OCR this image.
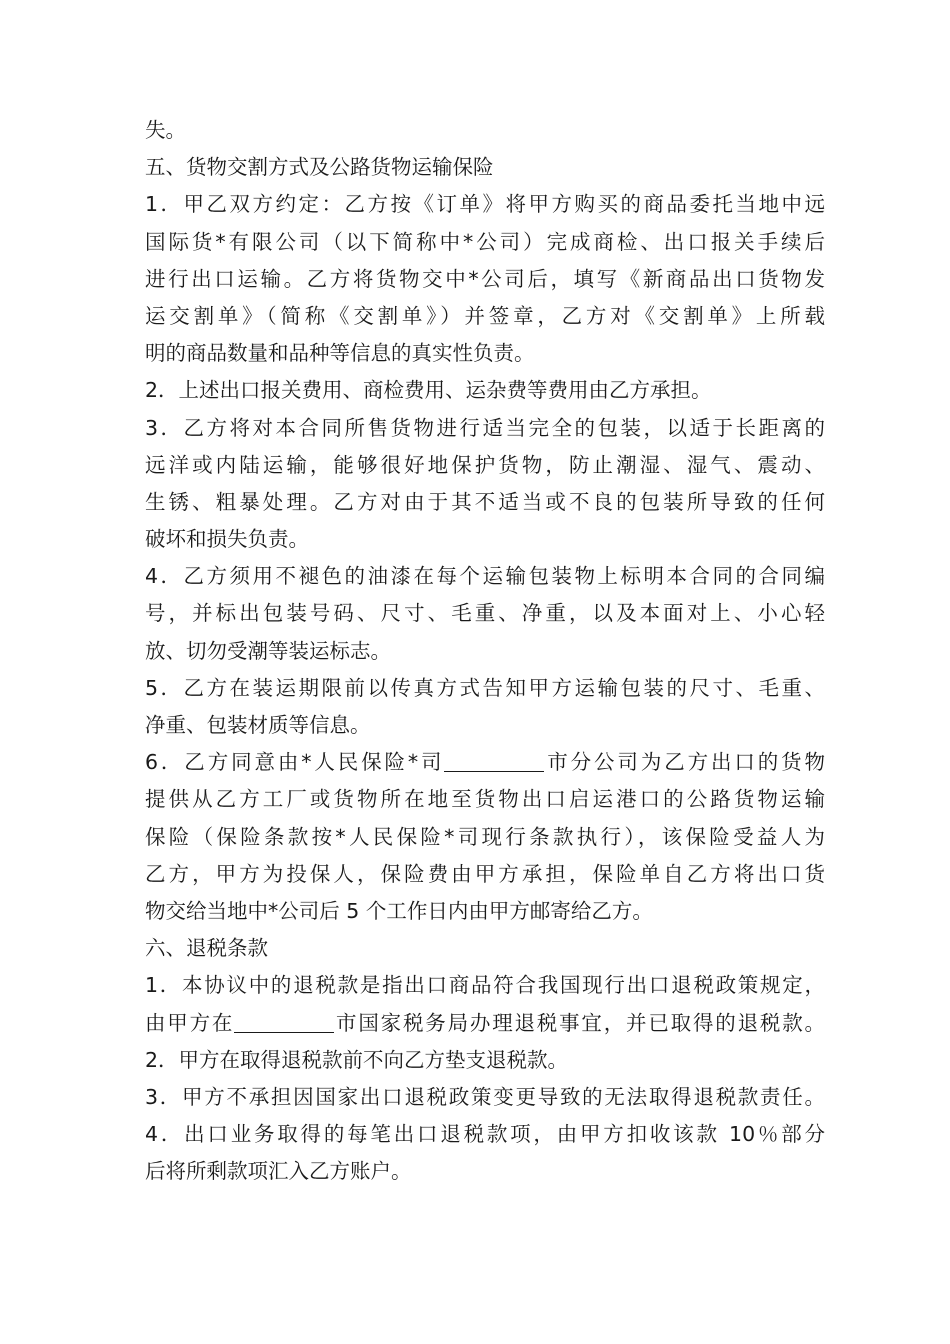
失。
五、货物交割方式及公路货物运输保险
1．甲乙双方约定：乙方按《订单》将甲方购买的商品委托当地中远
国际货*有限公司（以下简称中*公司）完成商检、出口报关手续后
进行出口运输。乙方将货物交中*公司后，填写《新商品出口货物发
运交割单》（简称《交割单》）并签章，乙方对《交割单》上所载
明的商品数量和品种等信息的真实性负责。
2．上述出口报关费用、商检费用、运杂费等费用由乙方承担。
3．乙方将对本合同所售货物进行适当完全的包装，以适于长距离的
远洋或内陆运输，能够很好地保护货物，防止潮湿、湿气、震动、
生锈、粗暴处理。乙方对由于其不适当或不良的包装所导致的任何
破坏和损失负责。
4．乙方须用不褪色的油漆在每个运输包装物上标明本合同的合同编
号，并标出包装号码、尺寸、毛重、净重，以及本面对上、小心轻
放、切勿受潮等装运标志。
5．乙方在装运期限前以传真方式告知甲方运输包装的尺寸、毛重、
净重、包装材质等信息。
6．乙方同意由*人民保险*司	市分公司为乙方出口的货物
提供从乙方工厂或货物所在地至货物出口启运港口的公路货物运输
保险（保险条款按*人民保险*司现行条款执行），该保险受益人为
乙方，甲方为投保人，保险费由甲方承担，保险单自乙方将出口货
物交给当地中*公司后 5 个工作日内由甲方邮寄给乙方。
六、退税条款
1．本协议中的退税款是指出口商品符合我国现行出口退税政策规定，
由甲方在	市国家税务局办理退税事宜，并已取得的退税款。
2．甲方在取得退税款前不向乙方垫支退税款。
3．甲方不承担因国家出口退税政策变更导致的无法取得退税款责任。
4．出口业务取得的每笔出口退税款项，由甲方扣收该款 10％部分
后将所剩款项汇入乙方账户。
